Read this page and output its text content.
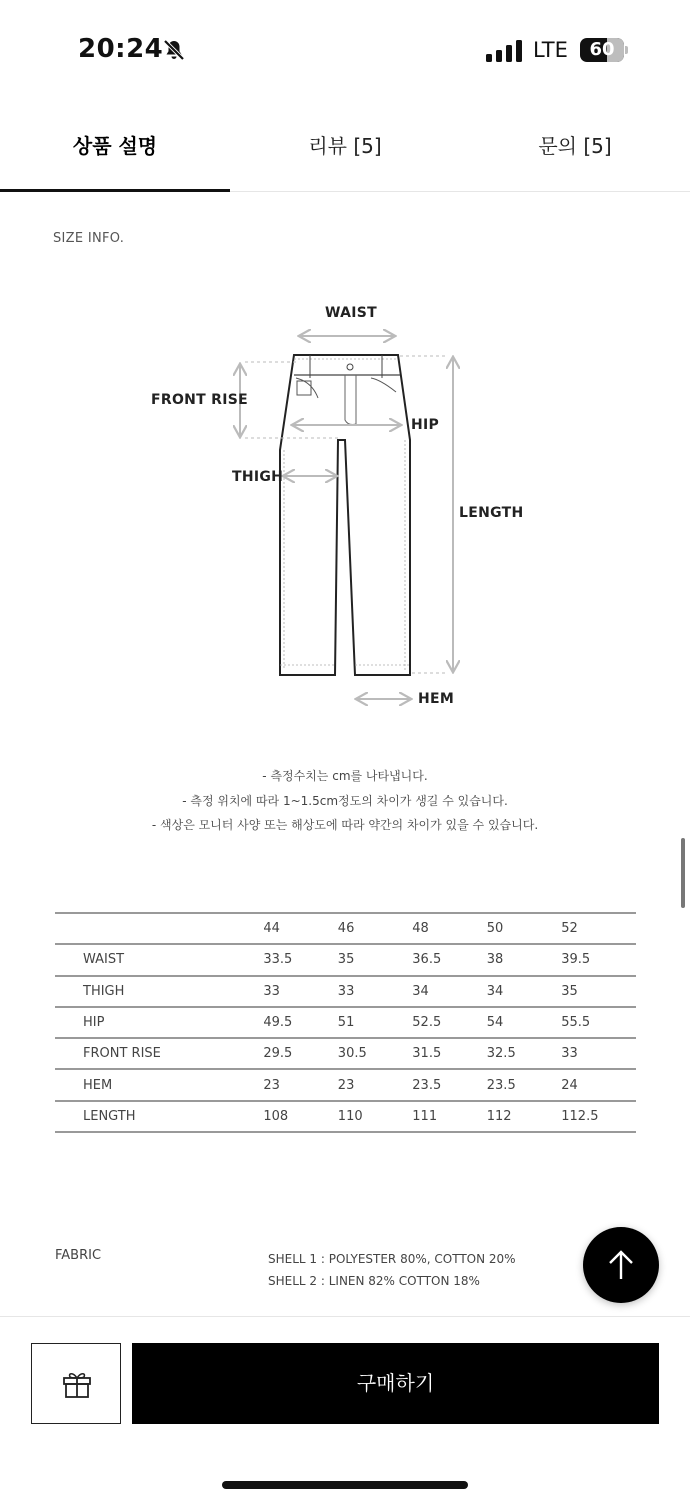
20:24	LTE	60
상품 설명	리뷰 [5]	문의 [5]
SIZE INFO.
WAIST
FRONT RISE
HIP
THIGH
LENGTH
HEM
- 측정수치는 cm를 나타냅니다.
- 측정 위치에 따라 1~1.5cm정도의 차이가 생길 수 있습니다.
- 색상은 모니터 사양 또는 해상도에 따라 약간의 차이가 있을 수 있습니다.
	44	46	48	50	52
WAIST	33.5	35	36.5	38	39.5
THIGH	33	33	34	34	35
HIP	49.5	51	52.5	54	55.5
FRONT RISE	29.5	30.5	31.5	32.5	33
HEM	23	23	23.5	23.5	24
LENGTH	108	110	111	112	112.5
FABRIC	SHELL 1 : POLYESTER 80%, COTTON 20%
SHELL 2 : LINEN 82% COTTON 18%
구매하기
